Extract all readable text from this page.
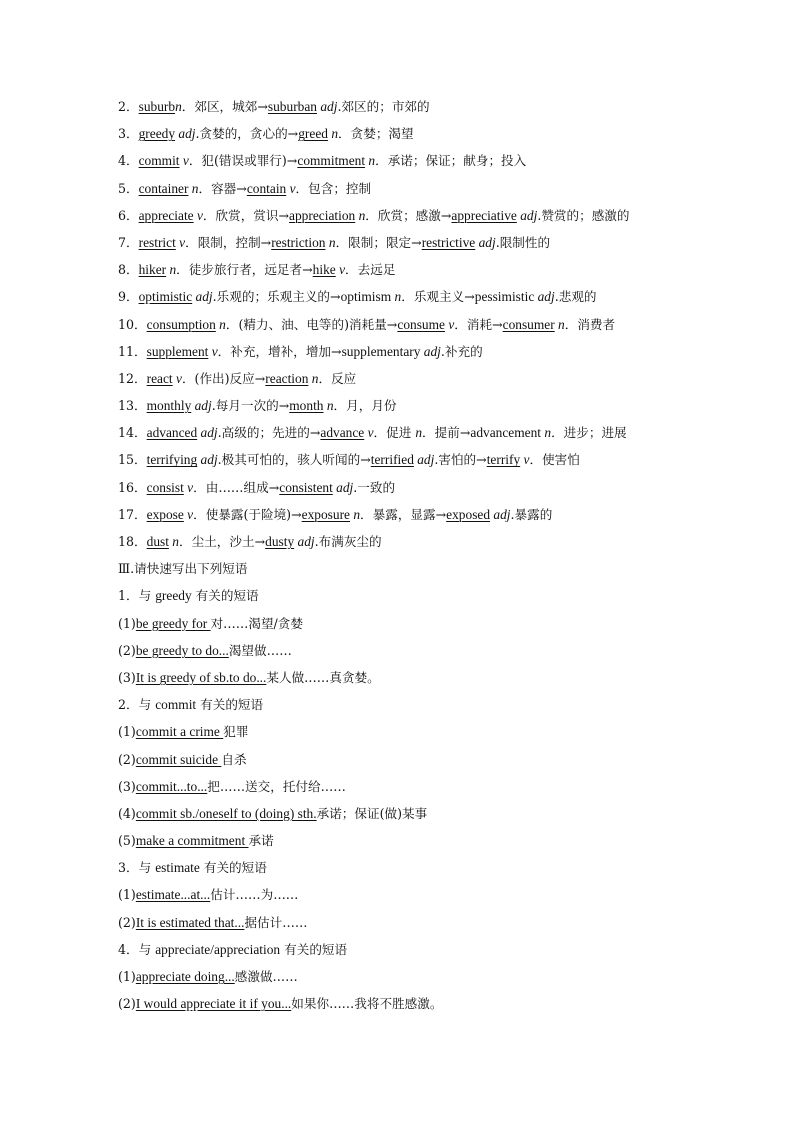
2．suburbn．郊区，城郊→suburban adj.郊区的；市郊的
3．greedy adj.贪婪的，贪心的→greed n．贪婪；渴望
4．commit v．犯(错误或罪行)→commitment n．承诺；保证；献身；投入
5．container n．容器→contain v．包含；控制
6．appreciate v．欣赏，赏识→appreciation n．欣赏；感激→appreciative adj.赞赏的；感激的
7．restrict v．限制，控制→restriction n．限制；限定→restrictive adj.限制性的
8．hiker n．徒步旅行者，远足者→hike v．去远足
9．optimistic adj.乐观的；乐观主义的→optimism n．乐观主义→pessimistic adj.悲观的
10．consumption n．(精力、油、电等的)消耗量→consume v．消耗→consumer n．消费者
11．supplement v．补充，增补，增加→supplementary adj.补充的
12．react v．(作出)反应→reaction n．反应
13．monthly adj.每月一次的→month n．月，月份
14．advanced adj.高级的；先进的→advance v．促进 n．提前→advancement n．进步；进展
15．terrifying adj.极其可怕的，骇人听闻的→terrified adj.害怕的→terrify v．使害怕
16．consist v．由……组成→consistent adj.一致的
17．expose v．使暴露(于险境)→exposure n．暴露，显露→exposed adj.暴露的
18．dust n．尘土，沙土→dusty adj.布满灰尘的
Ⅲ.请快速写出下列短语
1．与 greedy 有关的短语
(1)be greedy for 对……渴望/贪婪
(2)be greedy to do...渴望做……
(3)It is greedy of sb.to do...某人做……真贪婪。
2．与 commit 有关的短语
(1)commit a crime 犯罪
(2)commit suicide 自杀
(3)commit...to...把……送交，托付给……
(4)commit sb./oneself to (doing) sth.承诺；保证(做)某事
(5)make a commitment 承诺
3．与 estimate 有关的短语
(1)estimate...at...估计……为……
(2)It is estimated that...据估计……
4．与 appreciate/appreciation 有关的短语
(1)appreciate doing...感激做……
(2)I would appreciate it if you...如果你……我将不胜感激。
